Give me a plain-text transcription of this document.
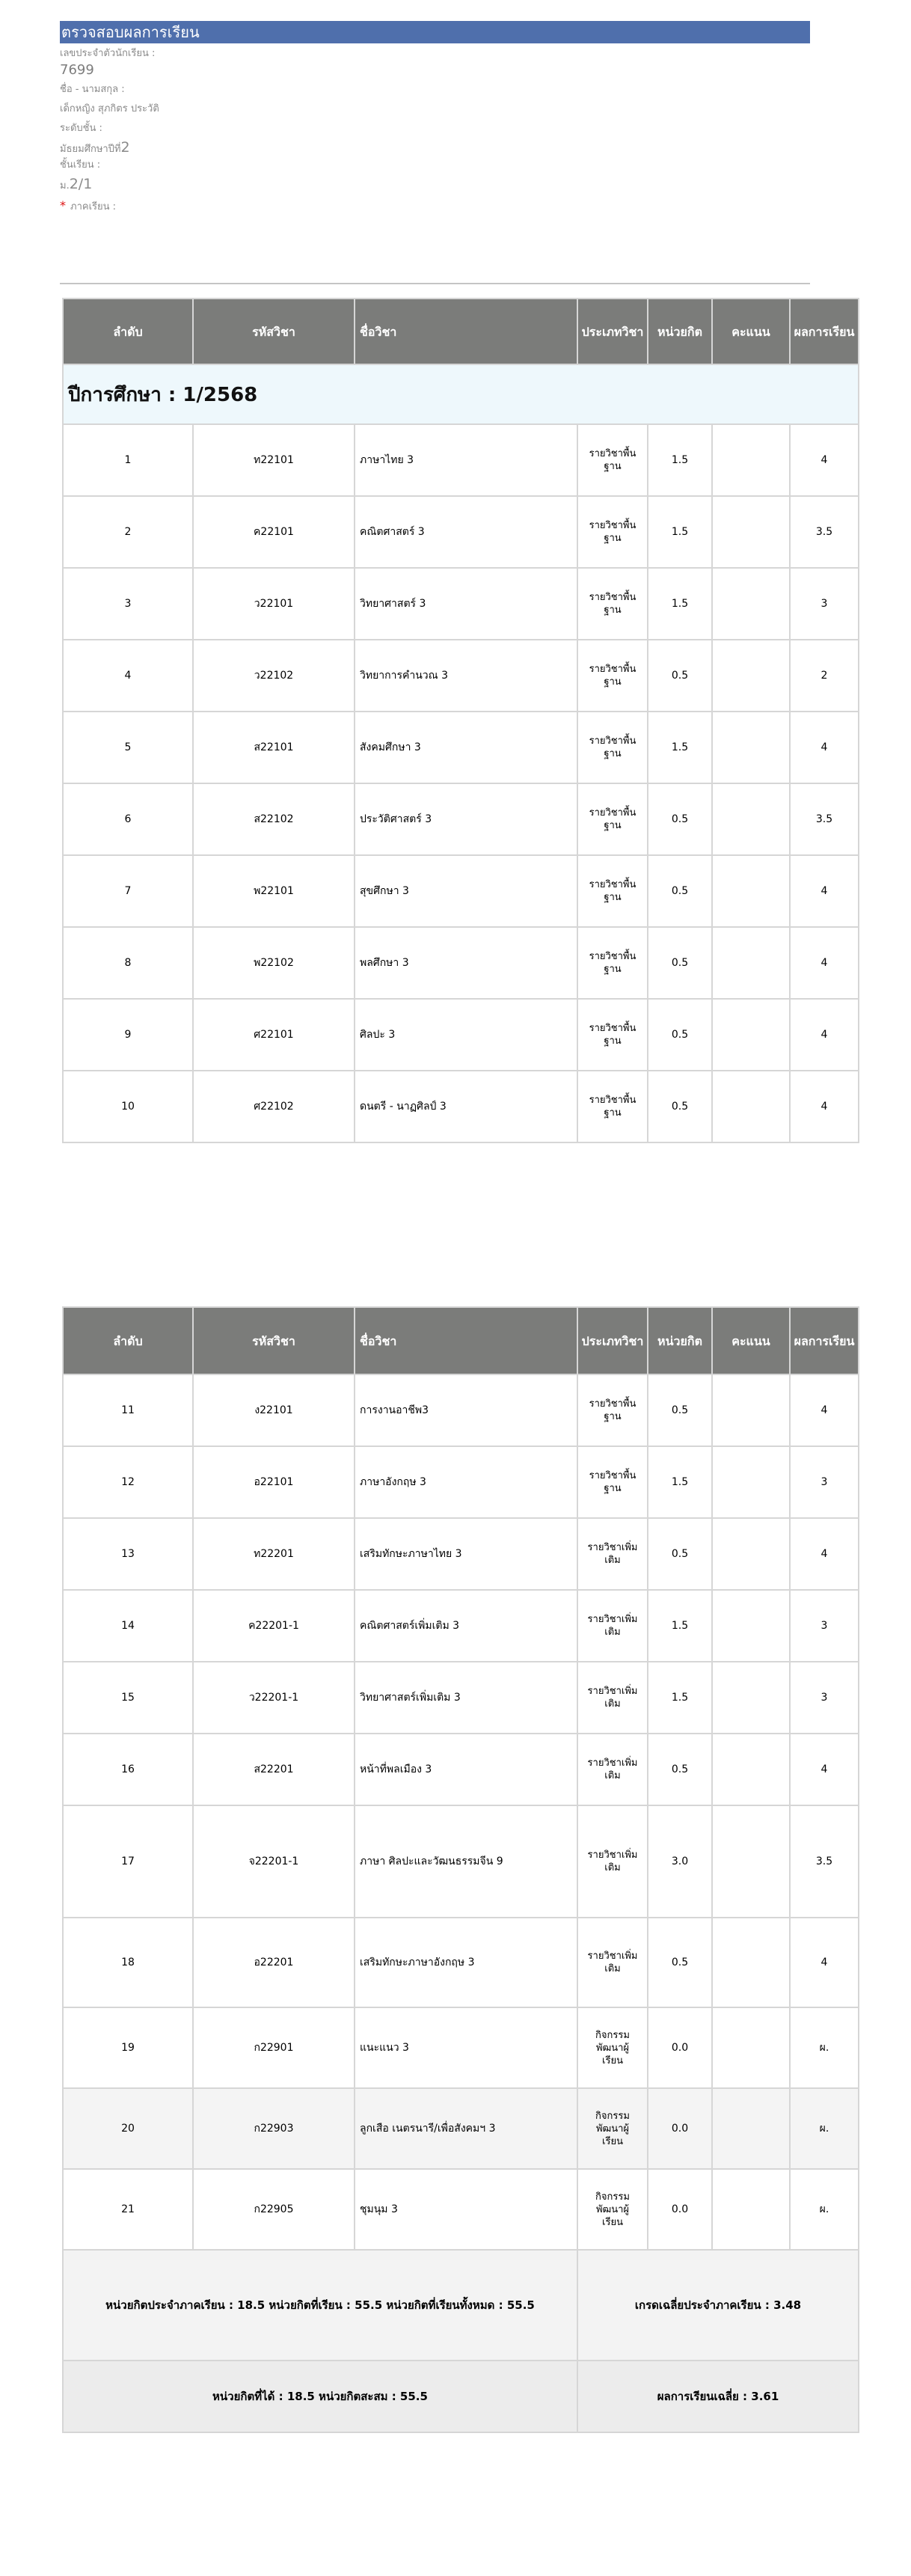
ตรวจสอบผลการเรียน
เลขประจำตัวนักเรียน :
7699
ชื่อ - นามสกุล :
เด็กหญิง สุภกิตร ประวัติ
ระดับชั้น :
มัธยมศึกษาปีที่2
ชั้นเรียน :
ม.2/1
* ภาคเรียน :
ลำดับ	รหัสวิชา	ชื่อวิชา	ประเภทวิชา	หน่วยกิต	คะแนน	ผลการเรียน
ปีการศึกษา : 1/2568						
1	ท22101	ภาษาไทย 3	รายวิชาพื้นฐาน	1.5		4
2	ค22101	คณิตศาสตร์ 3	รายวิชาพื้นฐาน	1.5		3.5
3	ว22101	วิทยาศาสตร์ 3	รายวิชาพื้นฐาน	1.5		3
4	ว22102	วิทยาการคำนวณ 3	รายวิชาพื้นฐาน	0.5		2
5	ส22101	สังคมศึกษา 3	รายวิชาพื้นฐาน	1.5		4
6	ส22102	ประวัติศาสตร์ 3	รายวิชาพื้นฐาน	0.5		3.5
7	พ22101	สุขศึกษา 3	รายวิชาพื้นฐาน	0.5		4
8	พ22102	พลศึกษา 3	รายวิชาพื้นฐาน	0.5		4
9	ศ22101	ศิลปะ 3	รายวิชาพื้นฐาน	0.5		4
10	ศ22102	ดนตรี - นาฏศิลป์ 3	รายวิชาพื้นฐาน	0.5		4
ลำดับ	รหัสวิชา	ชื่อวิชา	ประเภทวิชา	หน่วยกิต	คะแนน	ผลการเรียน
11	ง22101	การงานอาชีพ3	รายวิชาพื้นฐาน	0.5		4
12	อ22101	ภาษาอังกฤษ 3	รายวิชาพื้นฐาน	1.5		3
13	ท22201	เสริมทักษะภาษาไทย 3	รายวิชาเพิ่มเติม	0.5		4
14	ค22201-1	คณิตศาสตร์เพิ่มเติม 3	รายวิชาเพิ่มเติม	1.5		3
15	ว22201-1	วิทยาศาสตร์เพิ่มเติม 3	รายวิชาเพิ่มเติม	1.5		3
16	ส22201	หน้าที่พลเมือง 3	รายวิชาเพิ่มเติม	0.5		4
17	จ22201-1	ภาษา ศิลปะและวัฒนธรรมจีน 9	รายวิชาเพิ่มเติม	3.0		3.5
18	อ22201	เสริมทักษะภาษาอังกฤษ 3	รายวิชาเพิ่มเติม	0.5		4
19	ก22901	แนะแนว 3	กิจกรรมพัฒนาผู้เรียน	0.0		ผ.
20	ก22903	ลูกเสือ เนตรนารี/เพื่อสังคมฯ 3	กิจกรรมพัฒนาผู้เรียน	0.0		ผ.
21	ก22905	ชุมนุม 3	กิจกรรมพัฒนาผู้เรียน	0.0		ผ.
หน่วยกิตประจำภาคเรียน : 18.5 หน่วยกิตที่เรียน : 55.5 หน่วยกิตที่เรียนทั้งหมด : 55.5			เกรดเฉลี่ยประจำภาคเรียน : 3.48			
หน่วยกิตที่ได้ : 18.5 หน่วยกิตสะสม : 55.5			ผลการเรียนเฉลี่ย : 3.61			
